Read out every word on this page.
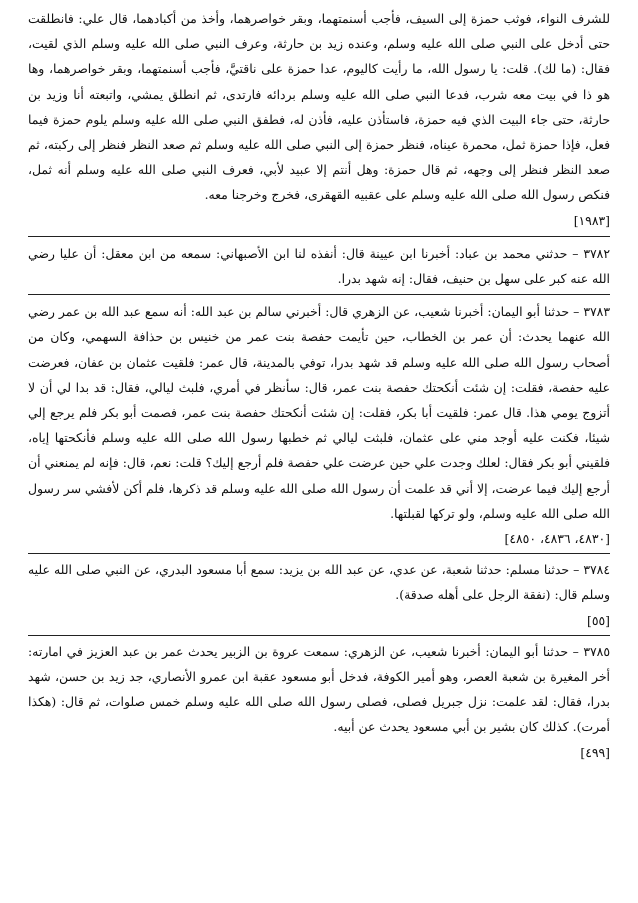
للشرف النواء، فوثب حمزة إلى السيف، فأجب أسنمتهما، وبقر خواصرهما، وأخذ من أكبادهما، قال علي: فانطلقت حتى أدخل على النبي صلى الله عليه وسلم، وعنده زيد بن حارثة، وعرف النبي صلى الله عليه وسلم الذي لقيت، فقال: (ما لك). قلت: يا رسول الله، ما رأيت كاليوم، عدا حمزة على ناقتيَّ، فأجب أسنمتهما، وبقر خواصرهما، وها هو ذا في بيت معه شرب، فدعا النبي صلى الله عليه وسلم بردائه فارتدى، ثم انطلق يمشي، واتبعته أنا وزيد بن حارثة، حتى جاء البيت الذي فيه حمزة، فاستأذن عليه، فأذن له، فطفق النبي صلى الله عليه وسلم يلوم حمزة فيما فعل، فإذا حمزة ثمل، محمرة عيناه، فنظر حمزة إلى النبي صلى الله عليه وسلم ثم صعد النظر فنظر إلى ركبته، ثم صعد النظر فنظر إلى وجهه، ثم قال حمزة: وهل أنتم إلا عبيد لأبي، فعرف النبي صلى الله عليه وسلم أنه ثمل، فنكص رسول الله صلى الله عليه وسلم على عقبيه القهقرى، فخرج وخرجنا معه.

[١٩٨٣]

٣٧٨٢ – حدثني محمد بن عباد: أخبرنا ابن عيينة قال: أنفذه لنا ابن الأصبهاني: سمعه من ابن معقل: أن عليا رضي الله عنه كبر على سهل بن حنيف، فقال: إنه شهد بدرا.

٣٧٨٣ – حدثنا أبو اليمان: أخبرنا شعيب، عن الزهري قال: أخبرني سالم بن عبد الله: أنه سمع عبد الله بن عمر رضي الله عنهما يحدث: أن عمر بن الخطاب، حين تأيمت حفصة بنت عمر من خنيس بن حذافة السهمي، وكان من أصحاب رسول الله صلى الله عليه وسلم قد شهد بدرا، توفي بالمدينة، قال عمر: فلقيت عثمان بن عفان، فعرضت عليه حفصة، فقلت: إن شئت أنكحتك حفصة بنت عمر، قال: سأنظر في أمري، فلبث ليالي، فقال: قد بدا لي أن لا أتزوج يومي هذا. قال عمر: فلقيت أبا بكر، فقلت: إن شئت أنكحتك حفصة بنت عمر، فصمت أبو بكر فلم يرجع إلي شيئا، فكنت عليه أوجد مني على عثمان، فلبثت ليالي ثم خطبها رسول الله صلى الله عليه وسلم فأنكحتها إياه، فلقيني أبو بكر فقال: لعلك وجدت علي حين عرضت علي حفصة فلم أرجع إليك؟ قلت: نعم، قال: فإنه لم يمنعني أن أرجع إليك فيما عرضت، إلا أني قد علمت أن رسول الله صلى الله عليه وسلم قد ذكرها، فلم أكن لأفشي سر رسول الله صلى الله عليه وسلم، ولو تركها لقبلتها.

[٤٨٣٠، ٤٨٣٦، ٤٨٥٠]

٣٧٨٤ – حدثنا مسلم: حدثنا شعبة، عن عدي، عن عبد الله بن يزيد: سمع أبا مسعود البدري، عن النبي صلى الله عليه وسلم قال: (نفقة الرجل على أهله صدقة).

[٥٥]

٣٧٨٥ – حدثنا أبو اليمان: أخبرنا شعيب، عن الزهري: سمعت عروة بن الزبير يحدث عمر بن عبد العزيز في امارته: أخر المغيرة بن شعبة العصر، وهو أمير الكوفة، فدخل أبو مسعود عقبة ابن عمرو الأنصاري، جد زيد بن حسن، شهد بدرا، فقال: لقد علمت: نزل جبريل فصلى، فصلى رسول الله صلى الله عليه وسلم خمس صلوات، ثم قال: (هكذا أمرت). كذلك كان بشير بن أبي مسعود يحدث عن أبيه.

[٤٩٩]
